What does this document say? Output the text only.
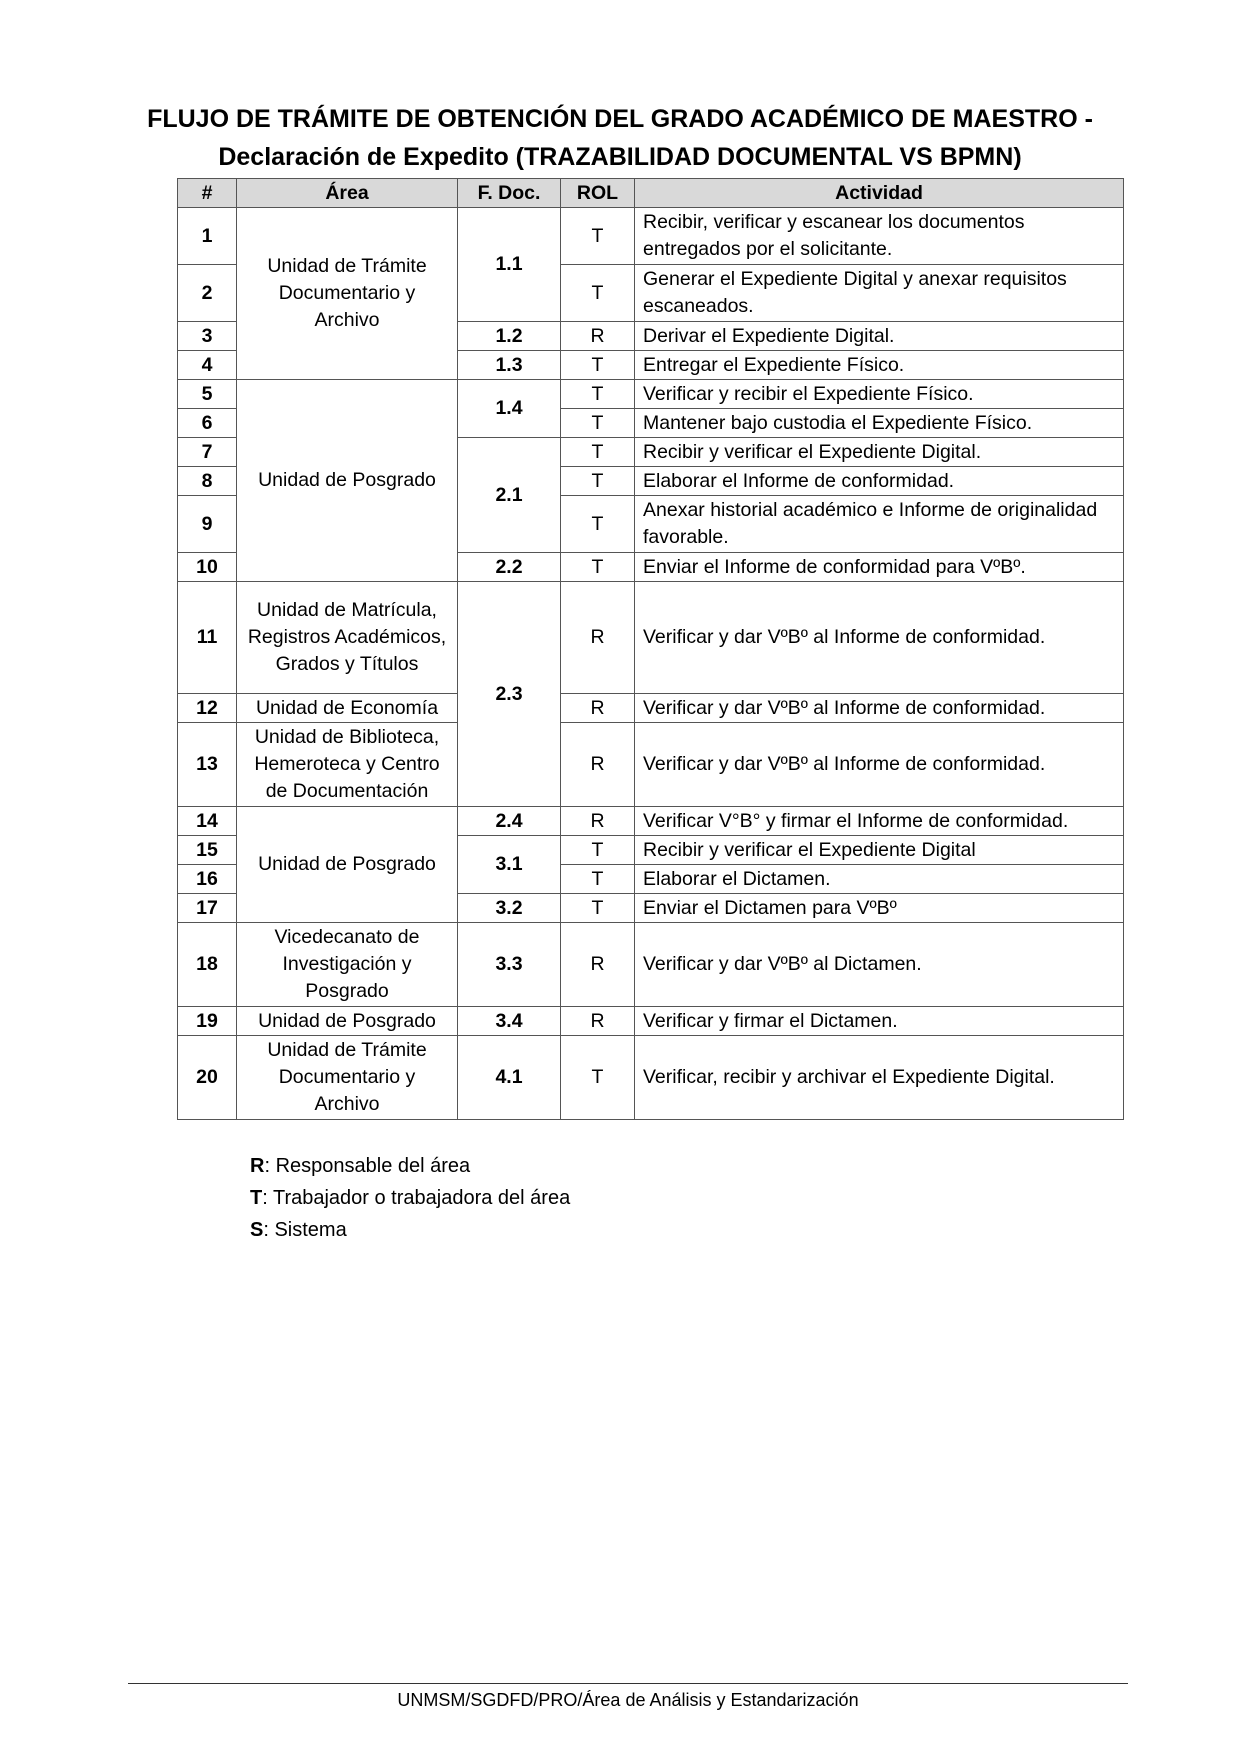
FLUJO DE TRÁMITE DE OBTENCIÓN DEL GRADO ACADÉMICO DE MAESTRO -
Declaración de Expedito (TRAZABILIDAD DOCUMENTAL VS BPMN)
#	Área	F. Doc.	ROL	Actividad
1	Unidad de Trámite Documentario y Archivo	1.1	T	Recibir, verificar y escanear los documentos entregados por el solicitante.
2			T	Generar el Expediente Digital y anexar requisitos escaneados.
3		1.2	R	Derivar el Expediente Digital.
4		1.3	T	Entregar el Expediente Físico.
5	Unidad de Posgrado	1.4	T	Verificar y recibir el Expediente Físico.
6			T	Mantener bajo custodia el Expediente Físico.
7		2.1	T	Recibir y verificar el Expediente Digital.
8			T	Elaborar el Informe de conformidad.
9			T	Anexar historial académico e Informe de originalidad favorable.
10		2.2	T	Enviar el Informe de conformidad para VºBº.
11	Unidad de Matrícula, Registros Académicos, Grados y Títulos	2.3	R	Verificar y dar VºBº al Informe de conformidad.
12	Unidad de Economía		R	Verificar y dar VºBº al Informe de conformidad.
13	Unidad de Biblioteca, Hemeroteca y Centro de Documentación		R	Verificar y dar VºBº al Informe de conformidad.
14	Unidad de Posgrado	2.4	R	Verificar V°B° y firmar el Informe de conformidad.
15		3.1	T	Recibir y verificar el Expediente Digital
16			T	Elaborar el Dictamen.
17		3.2	T	Enviar el Dictamen para VºBº
18	Vicedecanato de Investigación y Posgrado	3.3	R	Verificar y dar VºBº al Dictamen.
19	Unidad de Posgrado	3.4	R	Verificar y firmar el Dictamen.
20	Unidad de Trámite Documentario y Archivo	4.1	T	Verificar, recibir y archivar el Expediente Digital.
R: Responsable del área
T: Trabajador o trabajadora del área
S: Sistema
UNMSM/SGDFD/PRO/Área de Análisis y Estandarización
